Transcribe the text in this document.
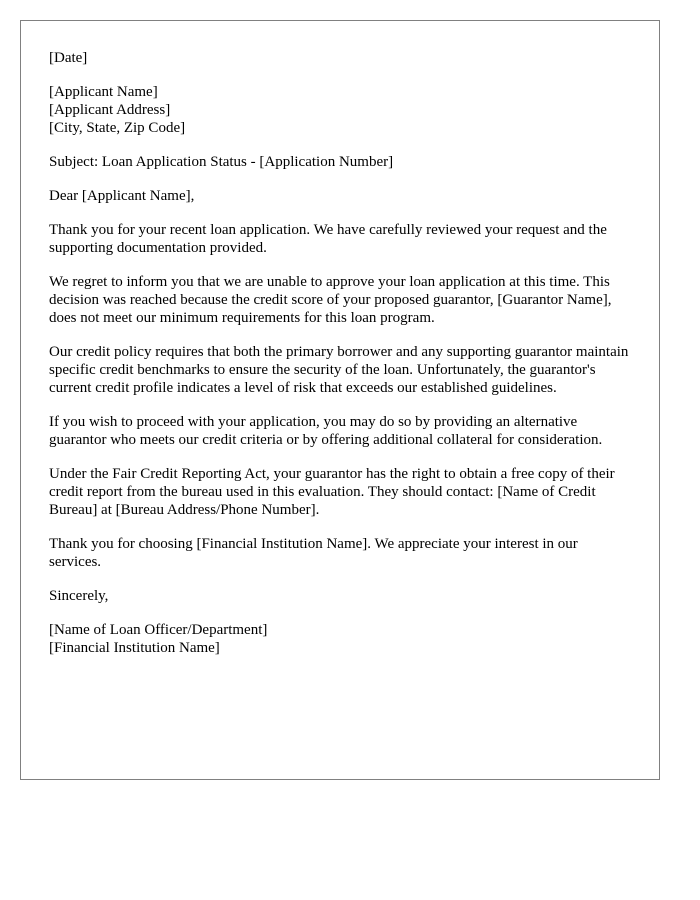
[Date]
[Applicant Name]
[Applicant Address]
[City, State, Zip Code]
Subject: Loan Application Status - [Application Number]
Dear [Applicant Name],

Thank you for your recent loan application. We have carefully reviewed your request and the supporting documentation provided.

We regret to inform you that we are unable to approve your loan application at this time. This decision was reached because the credit score of your proposed guarantor, [Guarantor Name], does not meet our minimum requirements for this loan program.

Our credit policy requires that both the primary borrower and any supporting guarantor maintain specific credit benchmarks to ensure the security of the loan. Unfortunately, the guarantor's current credit profile indicates a level of risk that exceeds our established guidelines.

If you wish to proceed with your application, you may do so by providing an alternative guarantor who meets our credit criteria or by offering additional collateral for consideration.

Under the Fair Credit Reporting Act, your guarantor has the right to obtain a free copy of their credit report from the bureau used in this evaluation. They should contact: [Name of Credit Bureau] at [Bureau Address/Phone Number].

Thank you for choosing [Financial Institution Name]. We appreciate your interest in our services.

Sincerely,
[Name of Loan Officer/Department]
[Financial Institution Name]
